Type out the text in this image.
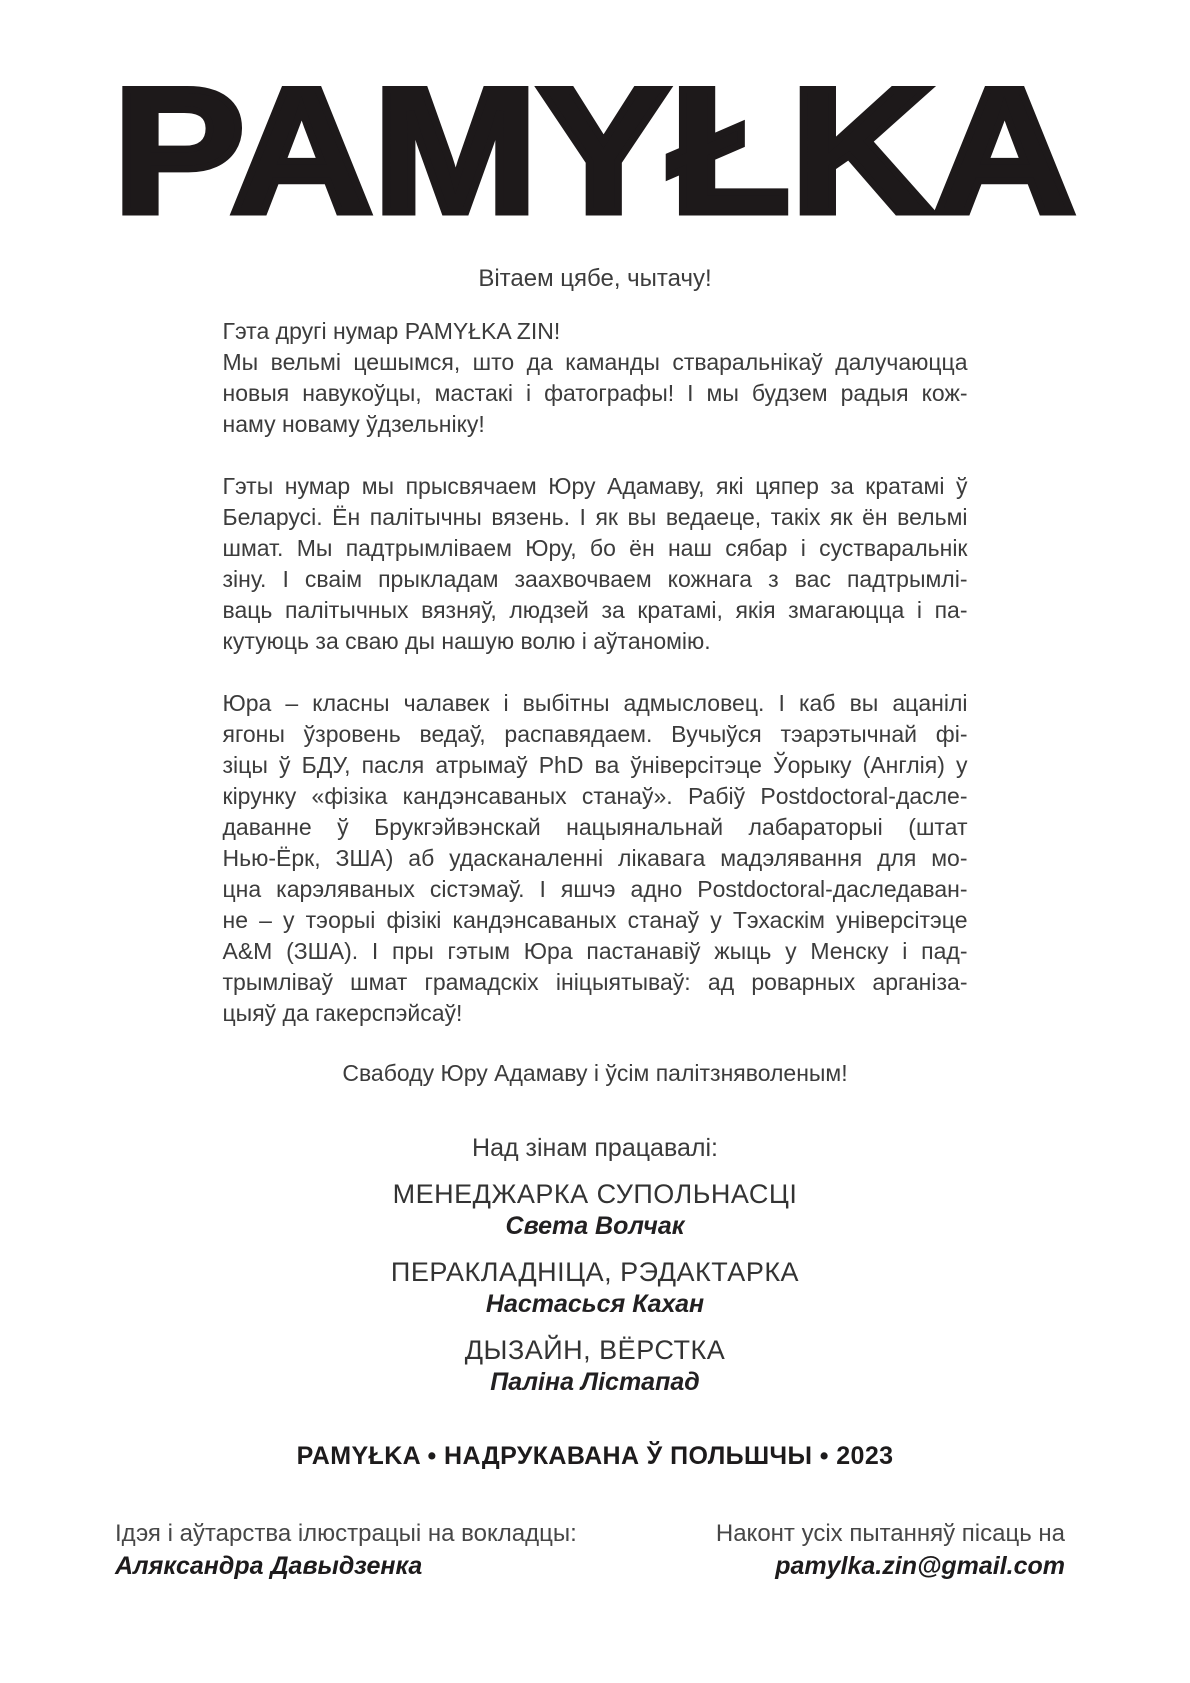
PAMYŁKA
Вітаем цябе, чытачу!
Гэта другі нумар PAMYŁKA ZIN!
Мы вельмі цешымся, што да каманды стваральнікаў далучаюцца
новыя навукоўцы, мастакі і фатографы! І мы будзем радыя кож-
наму новаму ўдзельніку!
Гэты нумар мы прысвячаем Юру Адамаву, які цяпер за кратамі ў
Беларусі. Ён палітычны вязень. І як вы ведаеце, такіх як ён вельмі
шмат. Мы падтрымліваем Юру, бо ён наш сябар і сустваральнік
зіну. І сваім прыкладам заахвочваем кожнага з вас падтрымлі-
ваць палітычных вязняў, людзей за кратамі, якія змагаюцца і па-
кутуюць за сваю ды нашую волю і аўтаномію.
Юра – класны чалавек і выбітны адмысловец. І каб вы ацанілі
ягоны ўзровень ведаў, распавядаем. Вучыўся тэарэтычнай фі-
зіцы ў БДУ, пасля атрымаў PhD ва ўніверсітэце Ўорыку (Англія) у
кірунку «фізіка кандэнсаваных станаў». Рабіў Postdoctoral-дасле-
даванне ў Брукгэйвэнскай нацыянальнай лабараторыі (штат
Нью-Ёрк, ЗША) аб удасканаленні лікавага мадэлявання для мо-
цна карэляваных сістэмаў. І яшчэ адно Postdoctoral-даследаван-
не – у тэорыі фізікі кандэнсаваных станаў у Тэхаскім універсітэце
A&M (ЗША). І пры гэтым Юра пастанавіў жыць у Менску і пад-
трымліваў шмат грамадскіх ініцыятываў: ад роварных арганіза-
цыяў да гакерспэйсаў!
Свабоду Юру Адамаву і ўсім палітзняволеным!
Над зінам працавалі:
МЕНЕДЖАРКА СУПОЛЬНАСЦІ
Света Волчак
ПЕРАКЛАДНІЦА, РЭДАКТАРКА
Настасься Кахан
ДЫЗАЙН, ВЁРСТКА
Паліна Лістапад
PAMYŁKA • НАДРУКАВАНА Ў ПОЛЬШЧЫ • 2023
Ідэя і аўтарства ілюстрацыі на вокладцы:
Аляксандра Давыдзенка
Наконт усіх пытанняў пісаць на
pamylka.zin@gmail.com
